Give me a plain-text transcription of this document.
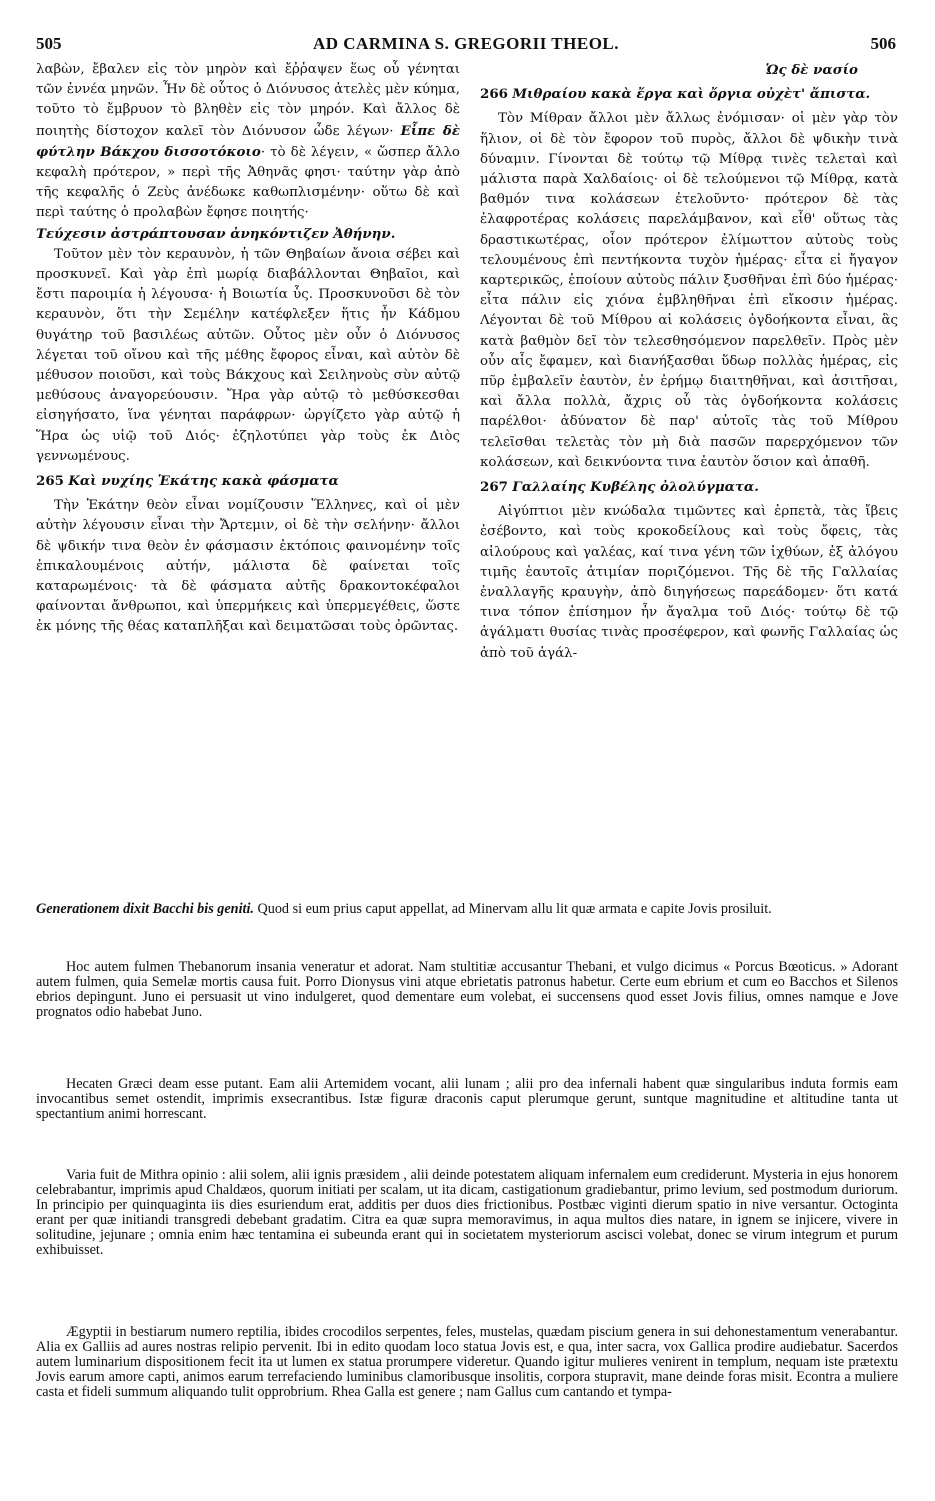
505	AD CARMINA S. GREGORII THEOL.	506

λαβὼν, ἔβαλεν εἰς τὸν μηρὸν καὶ ἔῤῥαψεν ἕως οὗ γένηται τῶν ἐννέα μηνῶν. Ἦν δὲ οὗτος ὁ Διόνυσος ἀτελὲς μὲν κύημα, τοῦτο τὸ ἔμβρυον τὸ βληθὲν εἰς τὸν μηρόν. Καὶ ἄλλος δὲ ποιητὴς δίστοχον καλεῖ τὸν Διόνυσον ὧδε λέγων· Εἶπε δὲ φύτλην Βάκχου δισσοτόκοιο· τὸ δὲ λέγειν, « ὥσπερ ἄλλο κεφαλὴ πρότερον, » περὶ τῆς Ἀθηνᾶς φησι· ταύτην γὰρ ἀπὸ τῆς κεφαλῆς ὁ Ζεὺς ἀνέδωκε καθωπλισμένην· οὕτω δὲ καὶ περὶ ταύτης ὁ προλαβὼν ἔφησε ποιητής·
Τεύχεσιν ἀστράπτουσαν ἀνηκόντιζεν Ἀθήνην.

Τοῦτον μὲν τὸν κεραυνὸν, ἡ τῶν Θηβαίων ἄνοια σέβει καὶ προσκυνεῖ. Καὶ γὰρ ἐπὶ μωρίᾳ διαβάλλονται Θηβαῖοι, καὶ ἔστι παροιμία ἡ λέγουσα· ἡ Βοιωτία ὗς. Προσκυνοῦσι δὲ τὸν κεραυνὸν, ὅτι τὴν Σεμέλην κατέφλεξεν ἥτις ἦν Κάδμου θυγάτηρ τοῦ βασιλέως αὐτῶν. Οὗτος μὲν οὖν ὁ Διόνυσος λέγεται τοῦ οἴνου καὶ τῆς μέθης ἔφορος εἶναι, καὶ αὐτὸν δὲ μέθυσον ποιοῦσι, καὶ τοὺς Βάκχους καὶ Σειληνοὺς σὺν αὐτῷ μεθύσους ἀναγορεύουσιν. Ἥρα γὰρ αὐτῷ τὸ μεθύσκεσθαι εἰσηγήσατο, ἵνα γένηται παράφρων· ὠργίζετο γὰρ αὐτῷ ἡ Ἥρα ὡς υἱῷ τοῦ Διός· ἐζηλοτύπει γὰρ τοὺς ἐκ Διὸς γεννωμένους.

265 Καὶ νυχίης Ἑκάτης κακὰ φάσματα

Τὴν Ἑκάτην θεὸν εἶναι νομίζουσιν Ἕλληνες, καὶ οἱ μὲν αὐτὴν λέγουσιν εἶναι τὴν Ἄρτεμιν, οἱ δὲ τὴν σελήνην· ἄλλοι δὲ ψδικήν τινα θεὸν ἐν φάσμασιν ἐκτόποις φαινομένην τοῖς ἐπικαλουμένοις αὐτήν, μάλιστα δὲ φαίνεται τοῖς καταρωμένοις· τὰ δὲ φάσματα αὐτῆς δρακοντοκέφαλοι φαίνονται ἄνθρωποι, καὶ ὑπερμήκεις καὶ ὑπερμεγέθεις, ὥστε ἐκ μόνης τῆς θέας καταπλῆξαι καὶ δειματῶσαι τοὺς ὁρῶντας.

Ὡς δὲ νασίο
266 Μιθραίου κακὰ ἔργα καὶ ὄργια οὐχὲτ' ἄπιστα.

Τὸν Μίθραν ἄλλοι μὲν ἄλλως ἐνόμισαν· οἱ μὲν γὰρ τὸν ἥλιον, οἱ δὲ τὸν ἔφορον τοῦ πυρὸς, ἄλλοι δὲ ψδικὴν τινὰ δύναμιν. Γίνονται δὲ τούτῳ τῷ Μίθρᾳ τινὲς τελεταὶ καὶ μάλιστα παρὰ Χαλδαίοις· οἱ δὲ τελούμενοι τῷ Μίθρᾳ, κατὰ βαθμόν τινα κολάσεων ἐτελοῦντο· πρότερον δὲ τὰς ἐλαφροτέρας κολάσεις παρελάμβανον, καὶ εἶθ' οὕτως τὰς δραστικωτέρας, οἷον πρότερον ἐλίμωττον αὐτοὺς τοὺς τελουμένους ἐπὶ πεντήκοντα τυχὸν ἡμέρας· εἶτα εἰ ἤγαγον καρτερικῶς, ἐποίουν αὐτοὺς πάλιν ξυσθῆναι ἐπὶ δύο ἡμέρας· εἶτα πάλιν εἰς χιόνα ἐμβληθῆναι ἐπὶ εἴκοσιν ἡμέρας. Λέγονται δὲ τοῦ Μίθρου αἱ κολάσεις ὀγδοήκοντα εἶναι, ἃς κατὰ βαθμὸν δεῖ τὸν τελεσθησόμενον παρελθεῖν. Πρὸς μὲν οὖν αἷς ἔφαμεν, καὶ διανήξασθαι ὕδωρ πολλὰς ἡμέρας, εἰς πῦρ ἐμβαλεῖν ἑαυτὸν, ἐν ἐρήμῳ διαιτηθῆναι, καὶ ἀσιτῆσαι, καὶ ἄλλα πολλὰ, ἄχρις οὗ τὰς ὀγδοήκοντα κολάσεις παρέλθοι· ἀδύνατον δὲ παρ' αὐτοῖς τὰς τοῦ Μίθρου τελεῖσθαι τελετὰς τὸν μὴ διὰ πασῶν παρερχόμενον τῶν κολάσεων, καὶ δεικνύοντα τινα ἑαυτὸν ὅσιον καὶ ἀπαθῆ.

267 Γαλλαίης Κυβέλης ὀλολύγματα.

Αἰγύπτιοι μὲν κνώδαλα τιμῶντες καὶ ἑρπετὰ, τὰς ἴβεις ἐσέβοντο, καὶ τοὺς κροκοδείλους καὶ τοὺς ὄφεις, τὰς αἰλούρους καὶ γαλέας, καί τινα γένη τῶν ἰχθύων, ἐξ ἀλόγου τιμῆς ἑαυτοῖς ἀτιμίαν ποριζόμενοι. Τῆς δὲ τῆς Γαλλαίας ἐναλλαγῆς κραυγὴν, ἀπὸ διηγήσεως παρεάδομεν· ὅτι κατά τινα τόπον ἐπίσημον ἦν ἄγαλμα τοῦ Διός· τούτῳ δὲ τῷ ἀγάλματι θυσίας τινὰς προσέφερον, καὶ φωνῆς Γαλλαίας ὡς ἀπὸ τοῦ ἀγάλ-

Generationem dixit Bacchi bis geniti. Quod si eum prius caput appellat, ad Minervam allu lit quæ armata e capite Jovis prosiluit.

Hoc autem fulmen Thebanorum insania veneratur et adorat. Nam stultitiæ accusantur Thebani, et vulgo dicimus « Porcus Bœoticus. » Adorant autem fulmen, quia Semelæ mortis causa fuit. Porro Dionysus vini atque ebrietatis patronus habetur. Certe eum ebrium et cum eo Bacchos et Silenos ebrios depingunt. Juno ei persuasit ut vino indulgeret, quod dementare eum volebat, ei succensens quod esset Jovis filius, omnes namque e Jove prognatos odio habebat Juno.

Hecaten Græci deam esse putant. Eam alii Artemidem vocant, alii lunam ; alii pro dea infernali habent quæ singularibus induta formis eam invocantibus semet ostendit, imprimis exsecrantibus. Istæ figuræ draconis caput plerumque gerunt, suntque magnitudine et altitudine tanta ut spectantium animi horrescant.

Varia fuit de Mithra opinio : alii solem, alii ignis præsidem , alii deinde potestatem aliquam infernalem eum crediderunt. Mysteria in ejus honorem celebrabantur, imprimis apud Chaldæos, quorum initiati per scalam, ut ita dicam, castigationum gradiebantur, primo levium, sed postmodum duriorum. In principio per quinquaginta iis dies esuriendum erat, additis per duos dies frictionibus. Postbæc viginti dierum spatio in nive versantur. Octoginta erant per quæ initiandi transgredi debebant gradatim. Citra ea quæ supra memoravimus, in aqua multos dies natare, in ignem se injicere, vivere in solitudine, jejunare ; omnia enim hæc tentamina ei subeunda erant qui in societatem mysteriorum ascisci volebat, donec se virum integrum et purum exhibuisset.

Ægyptii in bestiarum numero reptilia, ibides crocodilos serpentes, feles, mustelas, quædam piscium genera in sui dehonestamentum venerabantur. Alia ex Galliis ad aures nostras relipio pervenit. Ibi in edito quodam loco statua Jovis est, e qua, inter sacra, vox Gallica prodire audiebatur. Sacerdos autem luminarium dispositionem fecit ita ut lumen ex statua prorumpere videretur. Quando igitur mulieres venirent in templum, nequam iste prætextu Jovis earum amore capti, animos earum terrefaciendo luminibus clamoribusque insolitis, corpora stupravit, mane deinde foras misit. Econtra a muliere casta et fideli summum aliquando tulit opprobrium. Rhea Galla est genere ; nam Gallus cum cantando et tympa-
